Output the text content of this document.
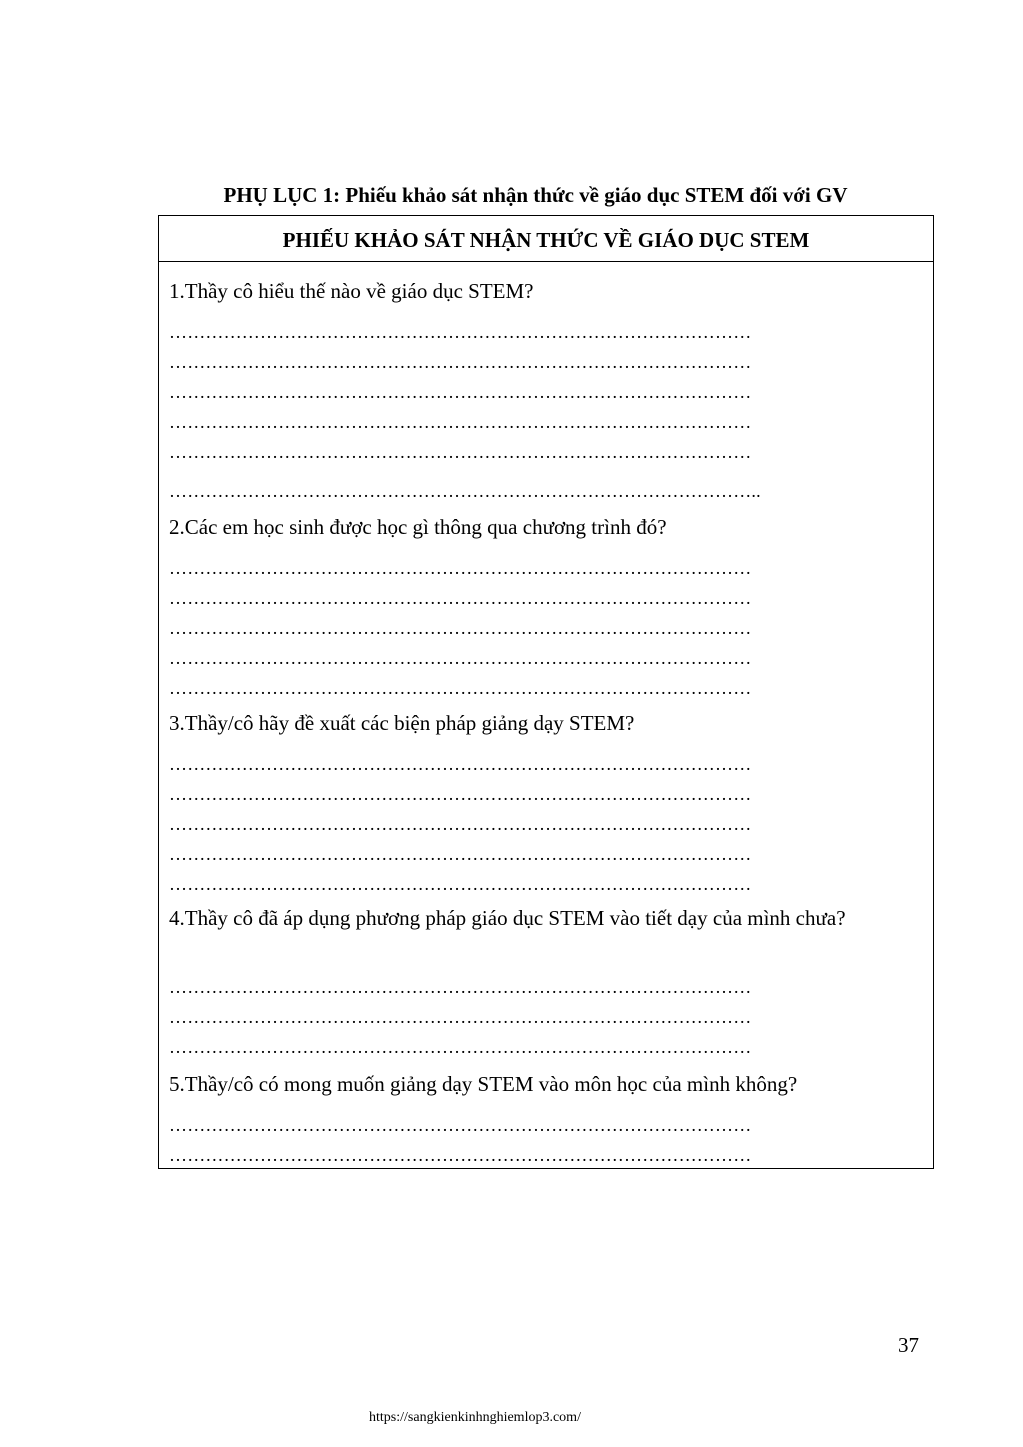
PHỤ LỤC 1: Phiếu khảo sát nhận thức về giáo dục STEM đối với GV
PHIẾU KHẢO SÁT NHẬN THỨC VỀ GIÁO DỤC STEM
1.Thầy cô hiểu thế nào về giáo dục STEM?
……………………………………………………………………………………
……………………………………………………………………………………
……………………………………………………………………………………
……………………………………………………………………………………
……………………………………………………………………………………
……………………………………………………………………………………..
2.Các em học sinh được học gì thông qua chương trình đó?
……………………………………………………………………………………
……………………………………………………………………………………
……………………………………………………………………………………
……………………………………………………………………………………
……………………………………………………………………………………
3.Thầy/cô hãy đề xuất các biện pháp giảng dạy STEM?
……………………………………………………………………………………
……………………………………………………………………………………
……………………………………………………………………………………
……………………………………………………………………………………
……………………………………………………………………………………
4.Thầy cô đã áp dụng phương pháp giáo dục STEM vào tiết dạy của mình chưa?
……………………………………………………………………………………
……………………………………………………………………………………
……………………………………………………………………………………
5.Thầy/cô có mong muốn giảng dạy STEM vào môn học của mình không?
……………………………………………………………………………………
……………………………………………………………………………………
37
https://sangkienkinhnghiemlop3.com/
